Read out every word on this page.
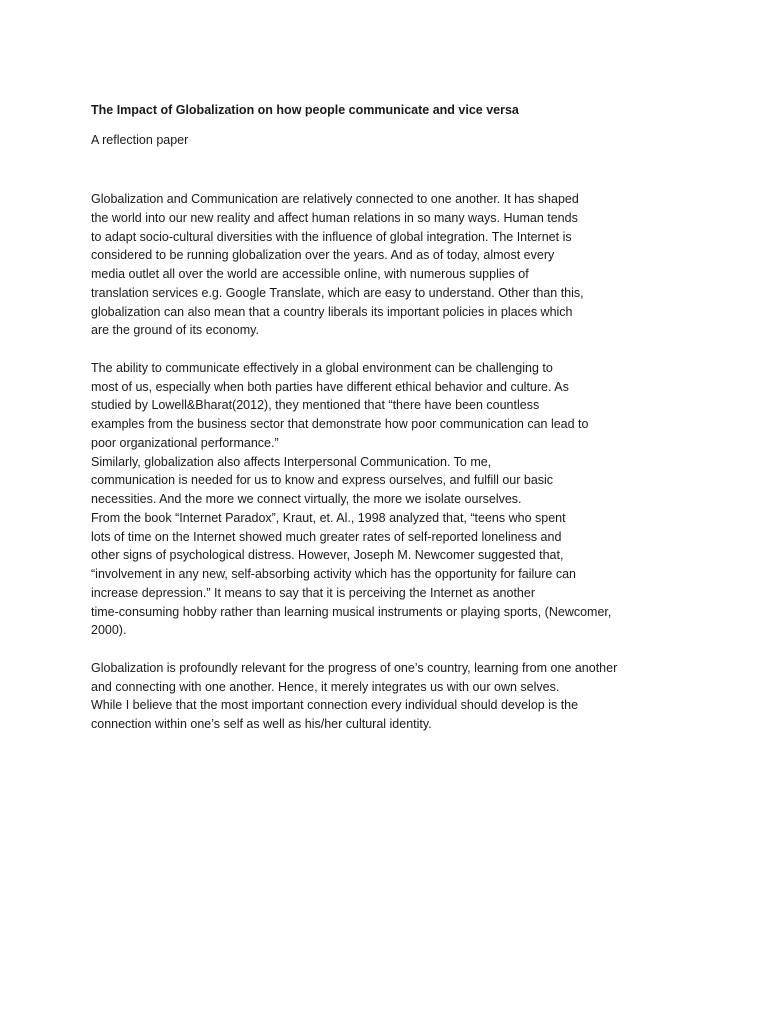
The Impact of Globalization on how people communicate and vice versa
A reflection paper
Globalization and Communication are relatively connected to one another. It has shaped
the world into our new reality and affect human relations in so many ways. Human tends
to adapt socio-cultural diversities with the influence of global integration. The Internet is
considered to be running globalization over the years. And as of today, almost every
media outlet all over the world are accessible online, with numerous supplies of
translation services e.g. Google Translate, which are easy to understand. Other than this,
globalization can also mean that a country liberals its important policies in places which
are the ground of its economy.
The ability to communicate effectively in a global environment can be challenging to
most of us, especially when both parties have different ethical behavior and culture. As
studied by Lowell&Bharat(2012), they mentioned that “there have been countless
examples from the business sector that demonstrate how poor communication can lead to
poor organizational performance.”
Similarly, globalization also affects Interpersonal Communication. To me,
communication is needed for us to know and express ourselves, and fulfill our basic
necessities. And the more we connect virtually, the more we isolate ourselves.
From the book “Internet Paradox”, Kraut, et. Al., 1998 analyzed that, “teens who spent
lots of time on the Internet showed much greater rates of self-reported loneliness and
other signs of psychological distress. However, Joseph M. Newcomer suggested that,
“involvement in any new, self-absorbing activity which has the opportunity for failure can
increase depression.” It means to say that it is perceiving the Internet as another
time-consuming hobby rather than learning musical instruments or playing sports, (Newcomer,
2000).
Globalization is profoundly relevant for the progress of one’s country, learning from one another
and connecting with one another. Hence, it merely integrates us with our own selves.
While I believe that the most important connection every individual should develop is the
connection within one’s self as well as his/her cultural identity.
